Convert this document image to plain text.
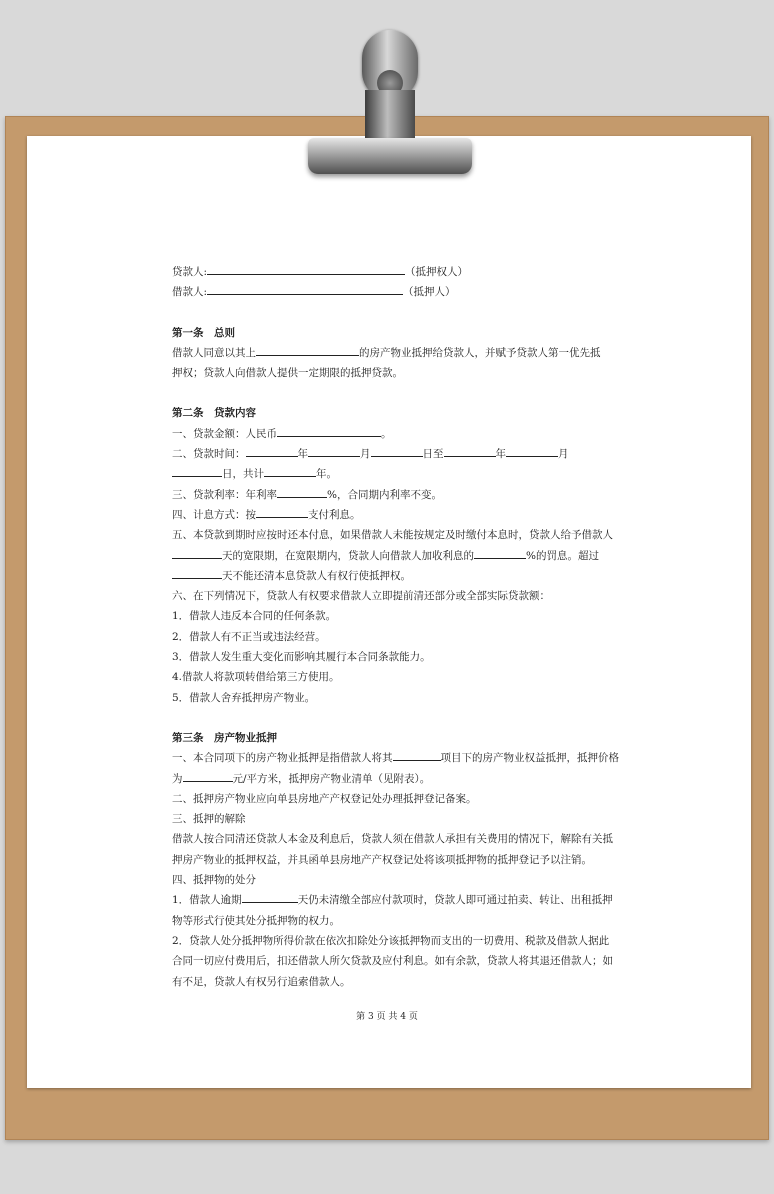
贷款人:	（抵押权人）

借款人:	（抵押人）

第一条　总则

借款人同意以其上	的房产物业抵押给贷款人，并赋予贷款人第一优先抵

押权；贷款人向借款人提供一定期限的抵押贷款。

第二条　贷款内容

一、贷款金额：人民币	。

二、贷款时间：	年	月	日至	年	月

日，共计	年。

三、贷款利率：年利率	%，合同期内利率不变。

四、计息方式：按	支付利息。

五、本贷款到期时应按时还本付息，如果借款人未能按规定及时缴付本息时，贷款人给予借款人

天的宽限期，在宽限期内，贷款人向借款人加收利息的	%的罚息。超过

天不能还清本息贷款人有权行使抵押权。

六、在下列情况下，贷款人有权要求借款人立即提前清还部分或全部实际贷款额：

1．借款人违反本合同的任何条款。

2．借款人有不正当或违法经营。

3．借款人发生重大变化而影响其履行本合同条款能力。

4.借款人将款项转借给第三方使用。

5．借款人舍弃抵押房产物业。

第三条　房产物业抵押

一、本合同项下的房产物业抵押是指借款人将其	项目下的房产物业权益抵押，抵押价格

为	元/平方米，抵押房产物业清单（见附表）。

二、抵押房产物业应向单县房地产产权登记处办理抵押登记备案。

三、抵押的解除

借款人按合同清还贷款人本金及利息后，贷款人须在借款人承担有关费用的情况下，解除有关抵

押房产物业的抵押权益，并具函单县房地产产权登记处将该项抵押物的抵押登记予以注销。

四、抵押物的处分

1．借款人逾期	天仍未清缴全部应付款项时，贷款人即可通过拍卖、转让、出租抵押

物等形式行使其处分抵押物的权力。

2．贷款人处分抵押物所得价款在依次扣除处分该抵押物而支出的一切费用、税款及借款人据此

合同一切应付费用后，扣还借款人所欠贷款及应付利息。如有余款，贷款人将其退还借款人；如

有不足，贷款人有权另行追索借款人。

第 3 页 共 4 页
